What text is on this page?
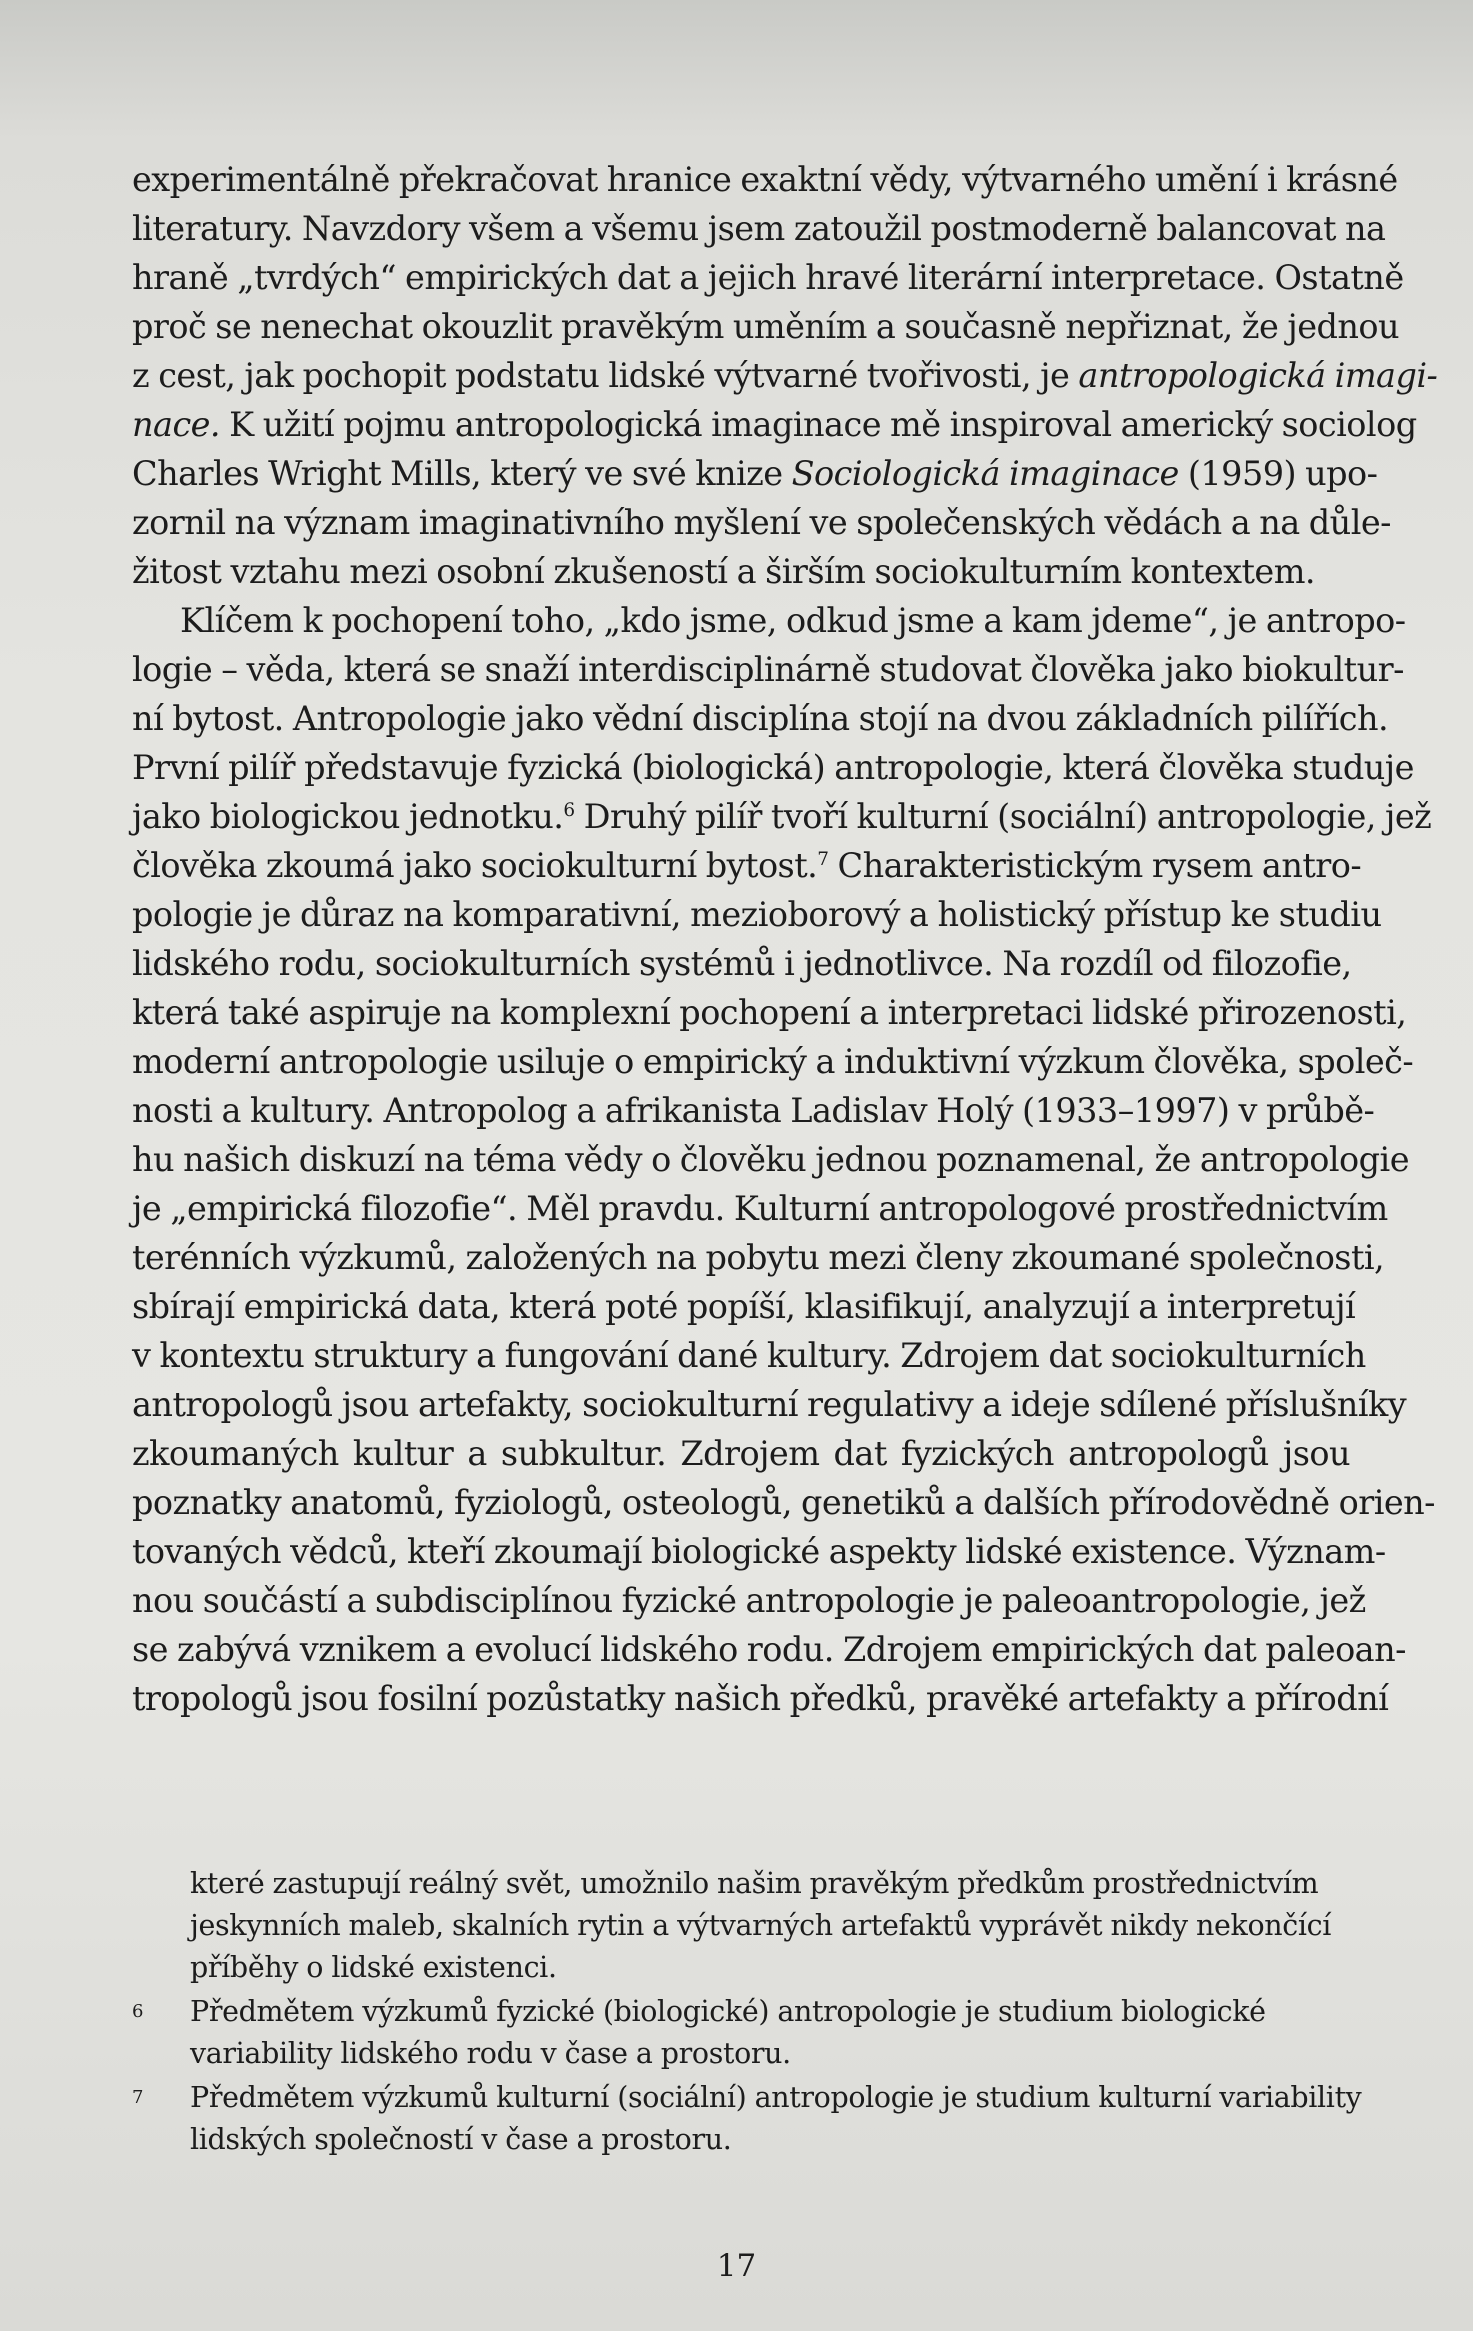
experimentálně překračovat hranice exaktní vědy, výtvarného umění i krásné
literatury. Navzdory všem a všemu jsem zatoužil postmoderně balancovat na
hraně „tvrdých“ empirických dat a jejich hravé literární interpretace. Ostatně
proč se nenechat okouzlit pravěkým uměním a současně nepřiznat, že jednou
z cest, jak pochopit podstatu lidské výtvarné tvořivosti, je antropologická imagi-
nace. K užití pojmu antropologická imaginace mě inspiroval americký sociolog
Charles Wright Mills, který ve své knize Sociologická imaginace (1959) upo-
zornil na význam imaginativního myšlení ve společenských vědách a na důle-
žitost vztahu mezi osobní zkušeností a širším sociokulturním kontextem.
Klíčem k pochopení toho, „kdo jsme, odkud jsme a kam jdeme“, je antropo-
logie – věda, která se snaží interdisciplinárně studovat člověka jako biokultur-
ní bytost. Antropologie jako vědní disciplína stojí na dvou základních pilířích.
První pilíř představuje fyzická (biologická) antropologie, která člověka studuje
jako biologickou jednotku.$^6$ Druhý pilíř tvoří kulturní (sociální) antropologie, jež
člověka zkoumá jako sociokulturní bytost.$^7$ Charakteristickým rysem antro-
pologie je důraz na komparativní, mezioborový a holistický přístup ke studiu
lidského rodu, sociokulturních systémů i jednotlivce. Na rozdíl od filozofie,
která také aspiruje na komplexní pochopení a interpretaci lidské přirozenosti,
moderní antropologie usiluje o empirický a induktivní výzkum člověka, společ-
nosti a kultury. Antropolog a afrikanista Ladislav Holý (1933–1997) v průbě-
hu našich diskuzí na téma vědy o člověku jednou poznamenal, že antropologie
je „empirická filozofie“. Měl pravdu. Kulturní antropologové prostřednictvím
terénních výzkumů, založených na pobytu mezi členy zkoumané společnosti,
sbírají empirická data, která poté popíší, klasifikují, analyzují a interpretují
v kontextu struktury a fungování dané kultury. Zdrojem dat sociokulturních
antropologů jsou artefakty, sociokulturní regulativy a ideje sdílené příslušníky
zkoumaných kultur a subkultur. Zdrojem dat fyzických antropologů jsou
poznatky anatomů, fyziologů, osteologů, genetiků a dalších přírodovědně orien-
tovaných vědců, kteří zkoumají biologické aspekty lidské existence. Význam-
nou součástí a subdisciplínou fyzické antropologie je paleoantropologie, jež
se zabývá vznikem a evolucí lidského rodu. Zdrojem empirických dat paleoan-
tropologů jsou fosilní pozůstatky našich předků, pravěké artefakty a přírodní
které zastupují reálný svět, umožnilo našim pravěkým předkům prostřednictvím
jeskynních maleb, skalních rytin a výtvarných artefaktů vyprávět nikdy nekončící
příběhy o lidské existenci.
6	Předmětem výzkumů fyzické (biologické) antropologie je studium biologické
variability lidského rodu v čase a prostoru.
7	Předmětem výzkumů kulturní (sociální) antropologie je studium kulturní variability
lidských společností v čase a prostoru.
17
